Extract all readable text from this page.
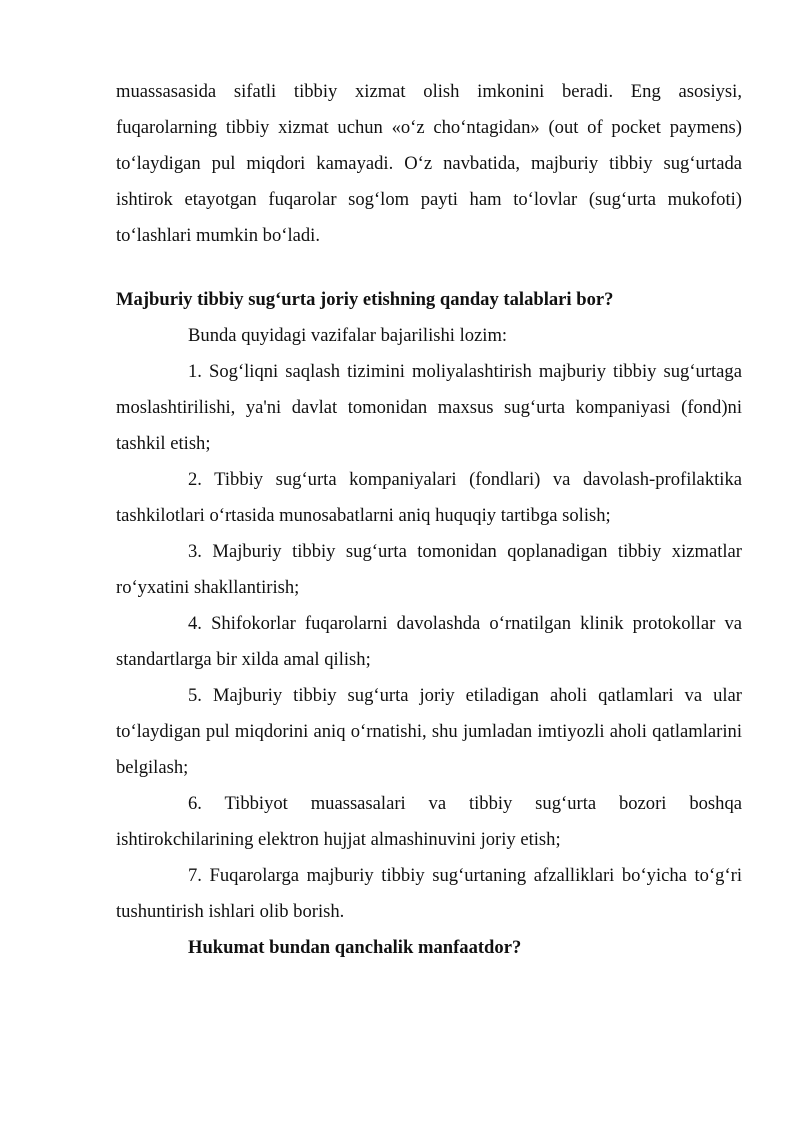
muassasasida sifatli tibbiy xizmat olish imkonini beradi. Eng asosiysi, fuqarolarning tibbiy xizmat uchun «o‘z cho‘ntagidan» (out of pocket paymens) to‘laydigan pul miqdori kamayadi. O‘z navbatida, majburiy tibbiy sug‘urtada ishtirok etayotgan fuqarolar sog‘lom payti ham to‘lovlar (sug‘urta mukofoti) to‘lashlari mumkin bo‘ladi.

Majburiy tibbiy sug‘urta joriy etishning qanday talablari bor?

Bunda quyidagi vazifalar bajarilishi lozim:

1. Sog‘liqni saqlash tizimini moliyalashtirish majburiy tibbiy sug‘urtaga moslashtirilishi, ya'ni davlat tomonidan maxsus sug‘urta kompaniyasi (fond)ni tashkil etish;

2. Tibbiy sug‘urta kompaniyalari (fondlari) va davolash-profilaktika tashkilotlari o‘rtasida munosabatlarni aniq huquqiy tartibga solish;

3. Majburiy tibbiy sug‘urta tomonidan qoplanadigan tibbiy xizmatlar ro‘yxatini shakllantirish;

4. Shifokorlar fuqarolarni davolashda o‘rnatilgan klinik protokollar va standartlarga bir xilda amal qilish;

5. Majburiy tibbiy sug‘urta joriy etiladigan aholi qatlamlari va ular to‘laydigan pul miqdorini aniq o‘rnatishi, shu jumladan imtiyozli aholi qatlamlarini belgilash;

6. Tibbiyot muassasalari va tibbiy sug‘urta bozori boshqa ishtirokchilarining elektron hujjat almashinuvini joriy etish;

7. Fuqarolarga majburiy tibbiy sug‘urtaning afzalliklari bo‘yicha to‘g‘ri tushuntirish ishlari olib borish.

Hukumat bundan qanchalik manfaatdor?
